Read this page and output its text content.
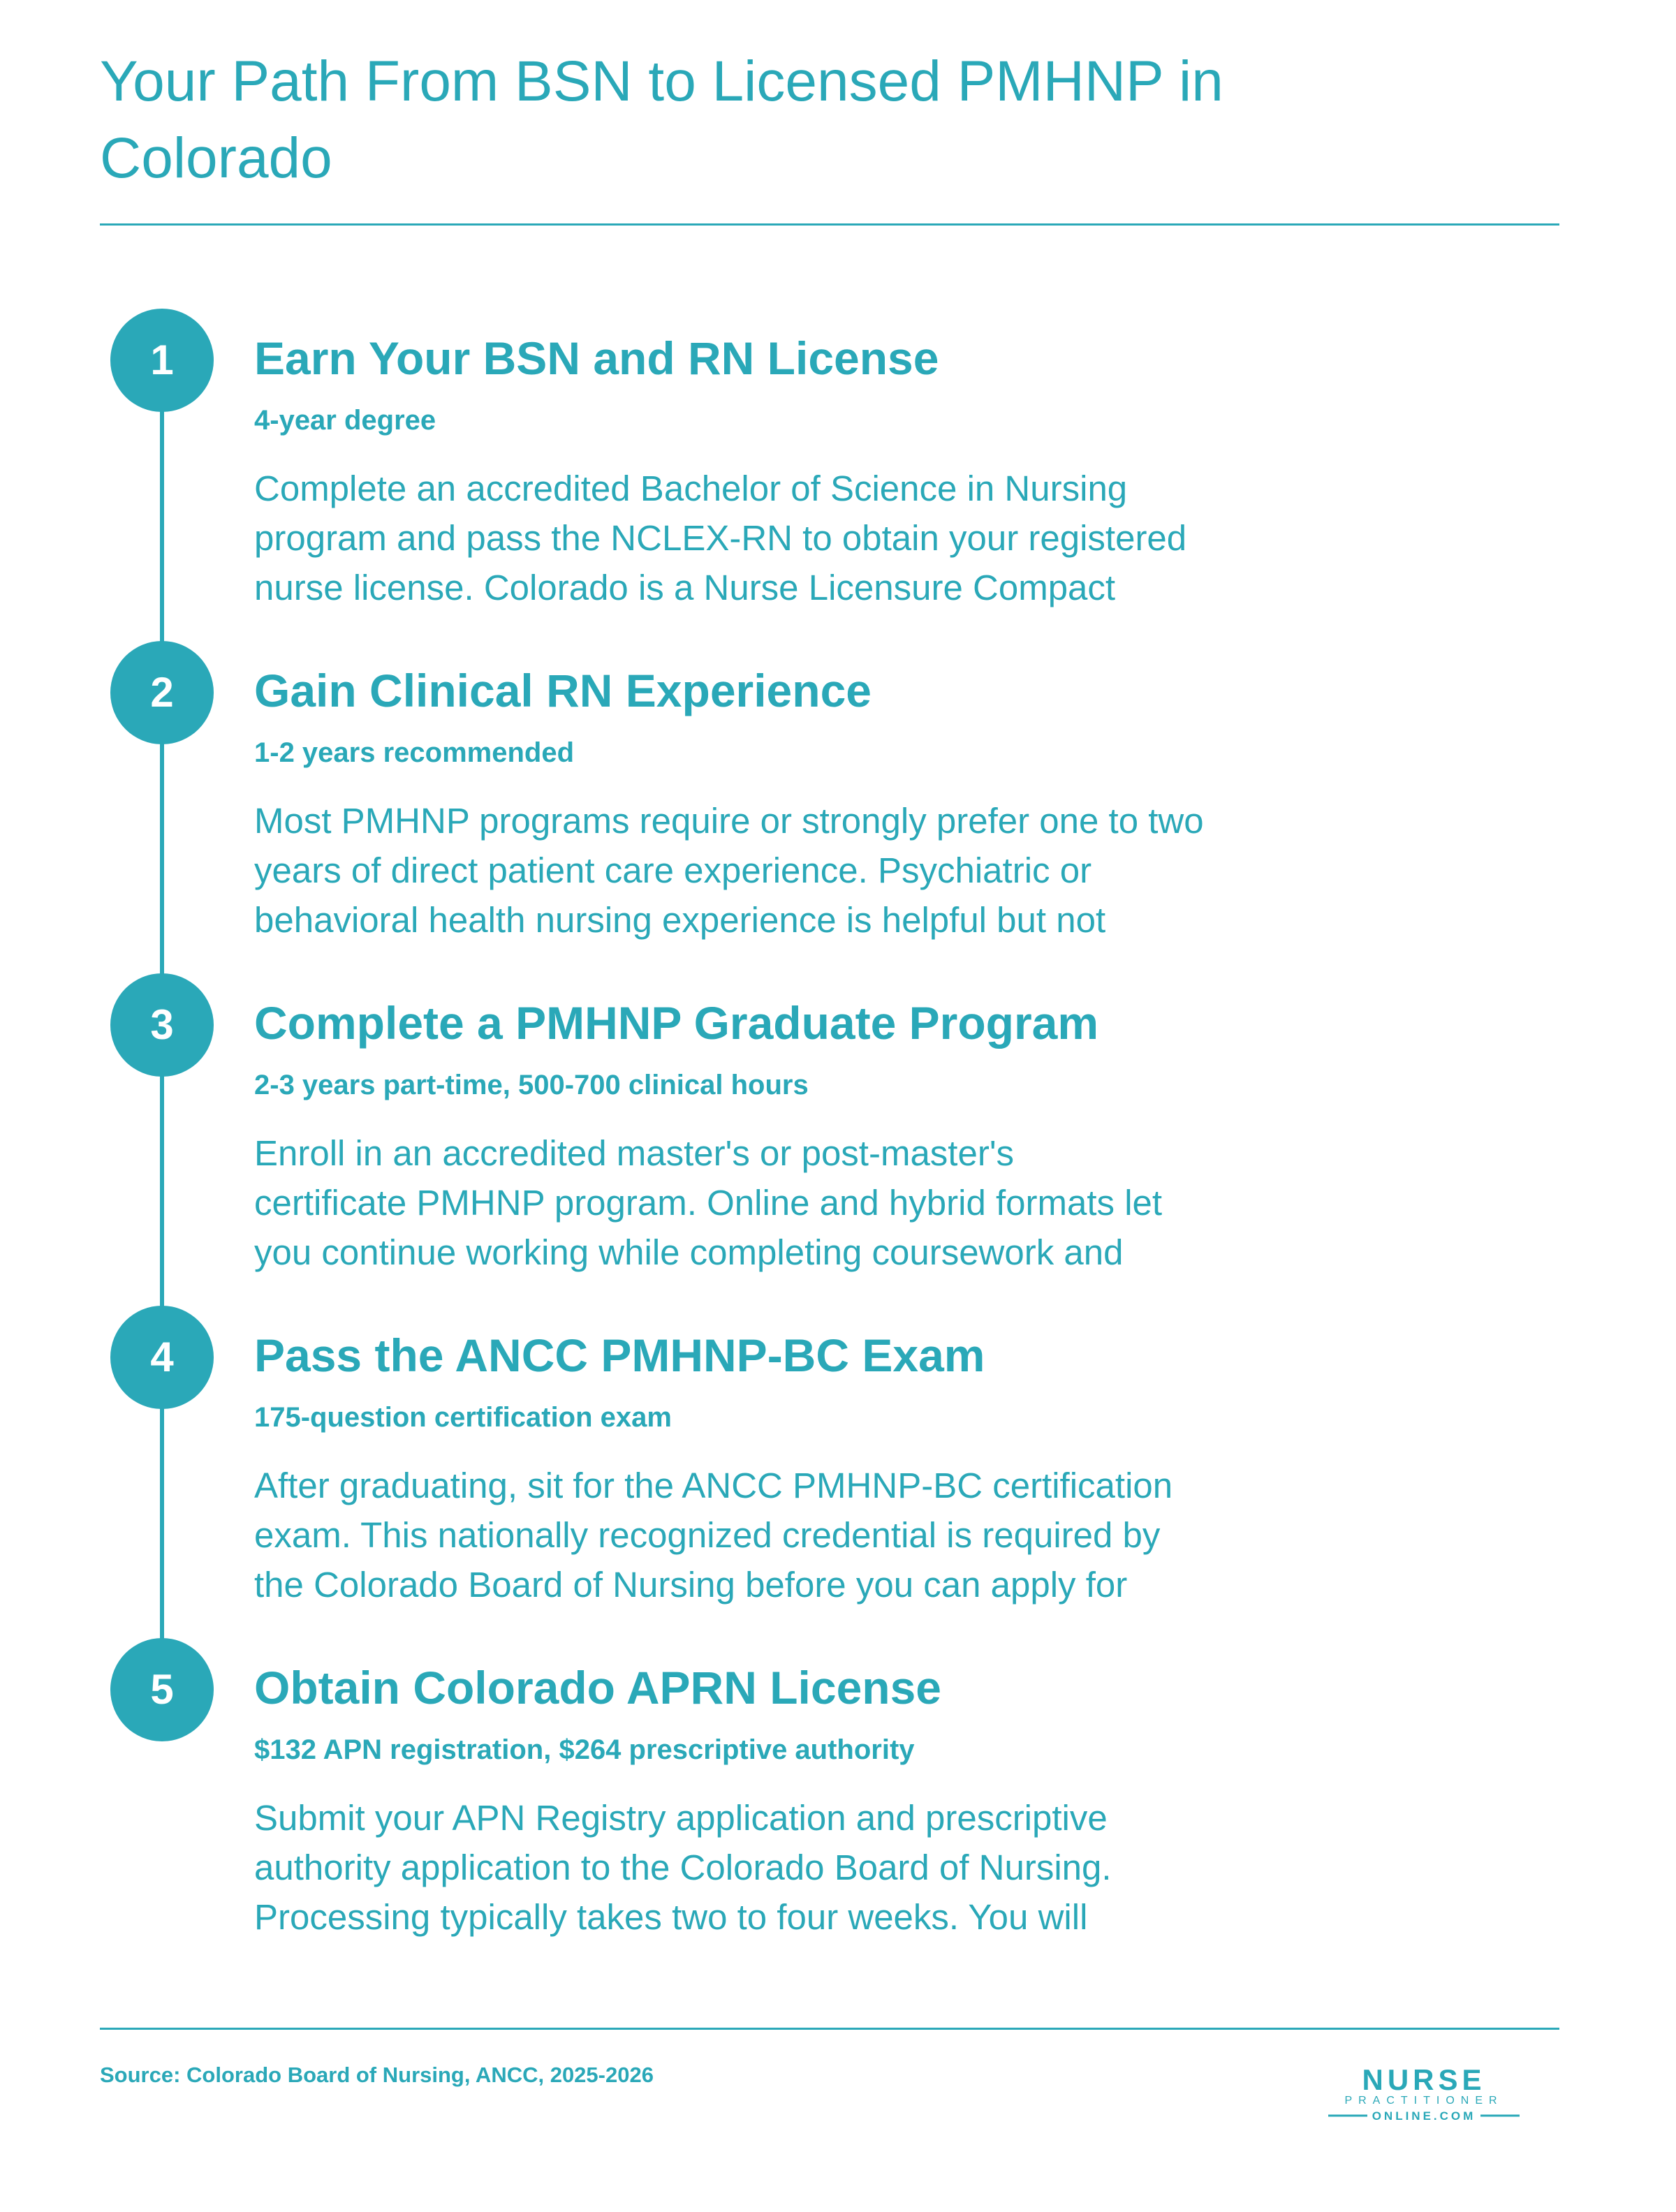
Your Path From BSN to Licensed PMHNP in Colorado
1	Earn Your BSN and RN License
4-year degree
Complete an accredited Bachelor of Science in Nursing
program and pass the NCLEX-RN to obtain your registered
nurse license. Colorado is a Nurse Licensure Compact
2	Gain Clinical RN Experience
1-2 years recommended
Most PMHNP programs require or strongly prefer one to two
years of direct patient care experience. Psychiatric or
behavioral health nursing experience is helpful but not
3	Complete a PMHNP Graduate Program
2-3 years part-time, 500-700 clinical hours
Enroll in an accredited master's or post-master's
certificate PMHNP program. Online and hybrid formats let
you continue working while completing coursework and
4	Pass the ANCC PMHNP-BC Exam
175-question certification exam
After graduating, sit for the ANCC PMHNP-BC certification
exam. This nationally recognized credential is required by
the Colorado Board of Nursing before you can apply for
5	Obtain Colorado APRN License
$132 APN registration, $264 prescriptive authority
Submit your APN Registry application and prescriptive
authority application to the Colorado Board of Nursing.
Processing typically takes two to four weeks. You will
Source: Colorado Board of Nursing, ANCC, 2025-2026	NURSE
PRACTITIONER
ONLINE.COM
